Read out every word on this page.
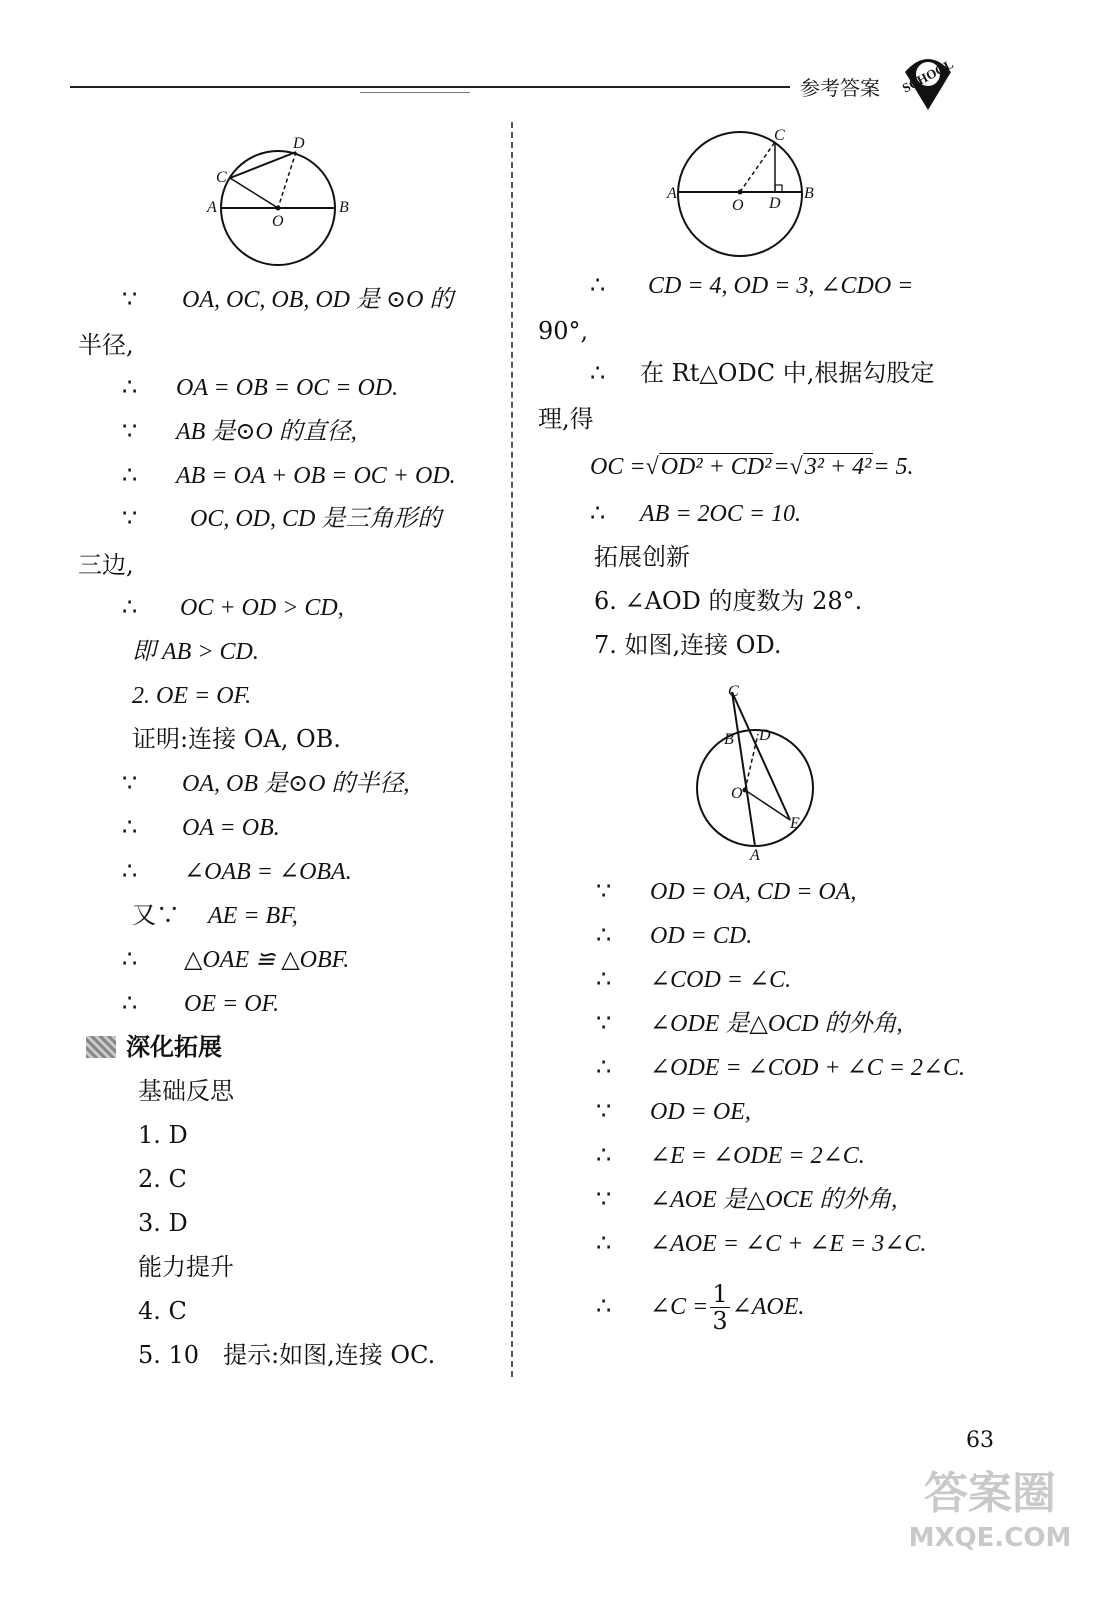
参考答案 SCHOOL
C
D
A
O
B
∵ OA, OC, OB, OD 是 ⊙O 的
半径,
∴ OA = OB = OC = OD.
∵ AB 是⊙O 的直径,
∴ AB = OA + OB = OC + OD.
∵ OC, OD, CD 是三角形的
三边,
∴ OC + OD > CD,
即 AB > CD.
2. OE = OF.
证明:连接 OA, OB.
∵ OA, OB 是⊙O 的半径,
∴ OA = OB.
∴ ∠OAB = ∠OBA.
又∵ AE = BF,
∴ △OAE ≌ △OBF.
∴ OE = OF.
深化拓展
基础反思
1. D
2. C
3. D
能力提升
4. C
5. 10　提示:如图,连接 OC.
C
A
O D
B
∴ CD = 4, OD = 3, ∠CDO =
90°,
∴ 在 Rt△ODC 中,根据勾股定
理,得
OC =√OD² + CD²=√3² + 4²= 5.
∴ AB = 2OC = 10.
拓展创新
6. ∠AOD 的度数为 28°.
7. 如图,连接 OD.
C
B D
O
E
A
∵ OD = OA, CD = OA,
∴ OD = CD.
∴ ∠COD = ∠C.
∵ ∠ODE 是△OCD 的外角,
∴ ∠ODE = ∠COD + ∠C = 2∠C.
∵ OD = OE,
∴ ∠E = ∠ODE = 2∠C.
∵ ∠AOE 是△OCE 的外角,
∴ ∠AOE = ∠C + ∠E = 3∠C.
∴ ∠C = $\frac{1}{3}$ ∠AOE.
63
答案圈
MXQE.COM
